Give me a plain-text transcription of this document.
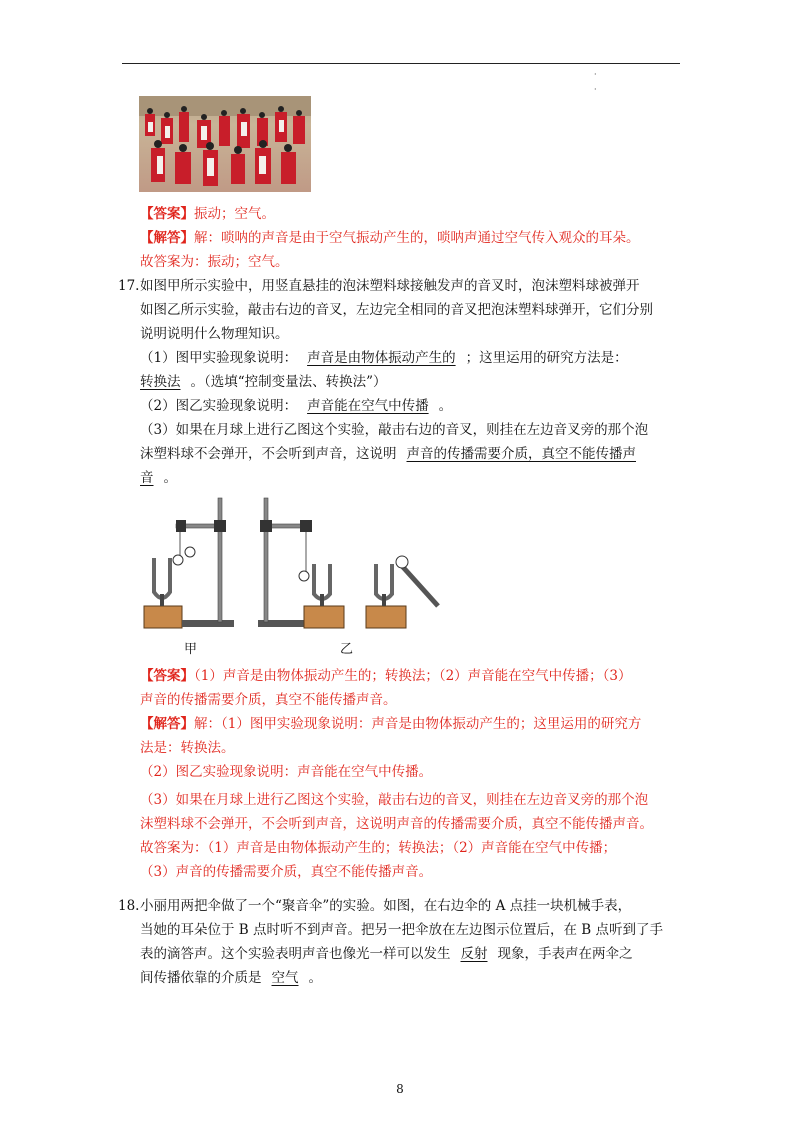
·
·
【答案】振动；空气。
【解答】解：唢呐的声音是由于空气振动产生的，唢呐声通过空气传入观众的耳朵。
故答案为：振动；空气。
17. 如图甲所示实验中，用竖直悬挂的泡沫塑料球接触发声的音叉时，泡沫塑料球被弹开
如图乙所示实验，敲击右边的音叉，左边完全相同的音叉把泡沫塑料球弹开，它们分别
说明说明什么物理知识。
（1）图甲实验现象说明： 声音是由物体振动产生的 ；这里运用的研究方法是：
转换法 。（选填“控制变量法、转换法”）
（2）图乙实验现象说明： 声音能在空气中传播 。
（3）如果在月球上进行乙图这个实验，敲击右边的音叉，则挂在左边音叉旁的那个泡
沫塑料球不会弹开，不会听到声音，这说明 声音的传播需要介质，真空不能传播声
音 。
甲	乙
【答案】（1）声音是由物体振动产生的；转换法；（2）声音能在空气中传播；（3）
声音的传播需要介质，真空不能传播声音。
【解答】解：（1）图甲实验现象说明：声音是由物体振动产生的；这里运用的研究方
法是：转换法。
（2）图乙实验现象说明：声音能在空气中传播。
（3）如果在月球上进行乙图这个实验，敲击右边的音叉，则挂在左边音叉旁的那个泡
沫塑料球不会弹开，不会听到声音，这说明声音的传播需要介质，真空不能传播声音。
故答案为：（1）声音是由物体振动产生的；转换法；（2）声音能在空气中传播；
（3）声音的传播需要介质，真空不能传播声音。
18. 小丽用两把伞做了一个“聚音伞”的实验。如图，在右边伞的 A 点挂一块机械手表，
当她的耳朵位于 B 点时听不到声音。把另一把伞放在左边图示位置后，在 B 点听到了手
表的滴答声。这个实验表明声音也像光一样可以发生 反射 现象，手表声在两伞之
间传播依靠的介质是 空气 。
8
